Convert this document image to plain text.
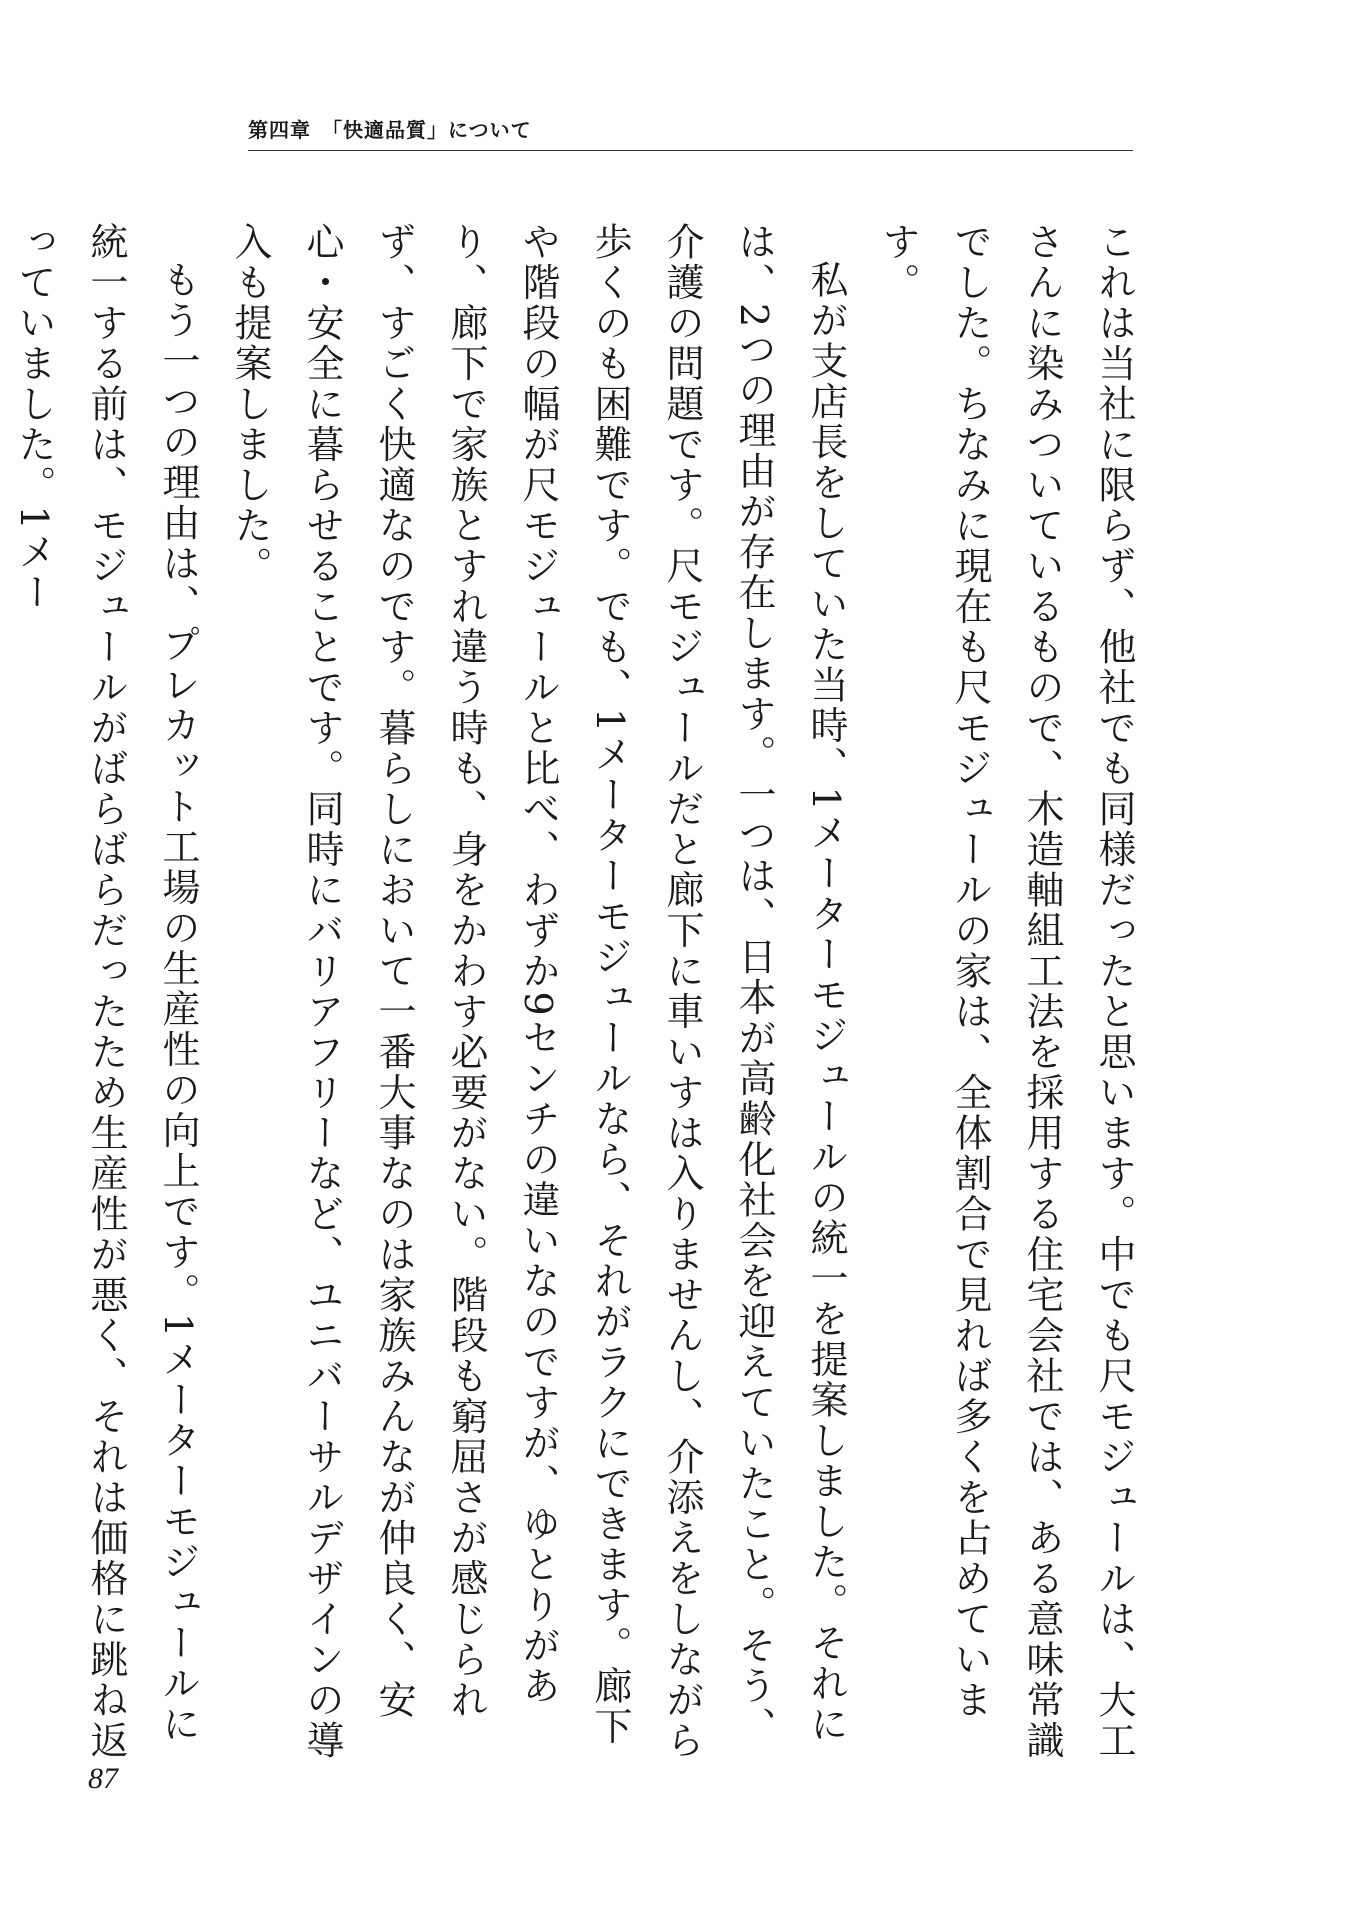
第四章　「快適品質」について

これは当社に限らず、他社でも同様だったと思います。中でも尺モジュールは、大工さんに染みついているもので、木造軸組工法を採用する住宅会社では、ある意味常識でした。ちなみに現在も尺モジュールの家は、全体割合で見れば多くを占めています。

私が支店長をしていた当時、1メーターモジュールの統一を提案しました。それには、2つの理由が存在します。一つは、日本が高齢化社会を迎えていたこと。そう、介護の問題です。尺モジュールだと廊下に車いすは入りませんし、介添えをしながら歩くのも困難です。でも、1メーターモジュールなら、それがラクにできます。廊下や階段の幅が尺モジュールと比べ、わずか9センチの違いなのですが、ゆとりがあり、廊下で家族とすれ違う時も、身をかわす必要がない。階段も窮屈さが感じられず、すごく快適なのです。暮らしにおいて一番大事なのは家族みんなが仲良く、安心・安全に暮らせることです。同時にバリアフリーなど、ユニバーサルデザインの導入も提案しました。

もう一つの理由は、プレカット工場の生産性の向上です。1メーターモジュールに統一する前は、モジュールがばらばらだったため生産性が悪く、それは価格に跳ね返っていました。1メー

87
